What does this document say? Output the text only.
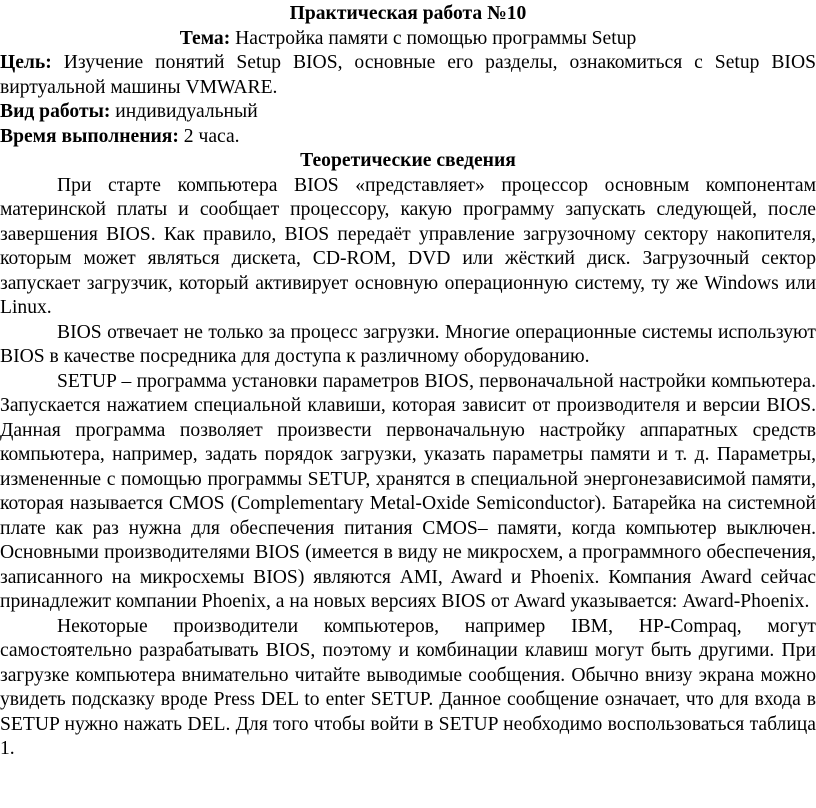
Практическая работа №10
Тема: Настройка памяти с помощью программы Setup

Цель: Изучение понятий Setup BIOS, основные его разделы, ознакомиться с Setup BIOS виртуальной машины VMWARE.

Вид работы: индивидуальный

Время выполнения: 2 часа.

Теоретические сведения

При старте компьютера BIOS «представляет» процессор основным компонентам материнской платы и сообщает процессору, какую программу запускать следующей, после завершения BIOS. Как правило, BIOS передаёт управление загрузочному сектору накопителя, которым может являться дискета, CD-ROM, DVD или жёсткий диск. Загрузочный сектор запускает загрузчик, который активирует основную операционную систему, ту же Windows или Linux.

BIOS отвечает не только за процесс загрузки. Многие операционные системы используют BIOS в качестве посредника для доступа к различному оборудованию.

SETUP – программа установки параметров BIOS, первоначальной настройки компьютера. Запускается нажатием специальной клавиши, которая зависит от производителя и версии BIOS. Данная программа позволяет произвести первоначальную настройку аппаратных средств компьютера, например, задать порядок загрузки, указать параметры памяти и т. д. Параметры, измененные с помощью программы SETUP, хранятся в специальной энергонезависимой памяти, которая называется CMOS (Complementary Metal-Oxide Semiconductor). Батарейка на системной плате как раз нужна для обеспечения питания CMOS– памяти, когда компьютер выключен. Основными производителями BIOS (имеется в виду не микросхем, а программного обеспечения, записанного на микросхемы BIOS) являются AMI, Award и Phoenix. Компания Award сейчас принадлежит компании Phoenix, а на новых версиях BIOS от Award указывается: Award-Phoenix.

Некоторые производители компьютеров, например IBM, HP-Compaq, могут самостоятельно разрабатывать BIOS, поэтому и комбинации клавиш могут быть другими. При загрузке компьютера внимательно читайте выводимые сообщения. Обычно внизу экрана можно увидеть подсказку вроде Press DEL to enter SETUP. Данное сообщение означает, что для входа в SETUP нужно нажать DEL. Для того чтобы войти в SETUP необходимо воспользоваться таблица 1.
